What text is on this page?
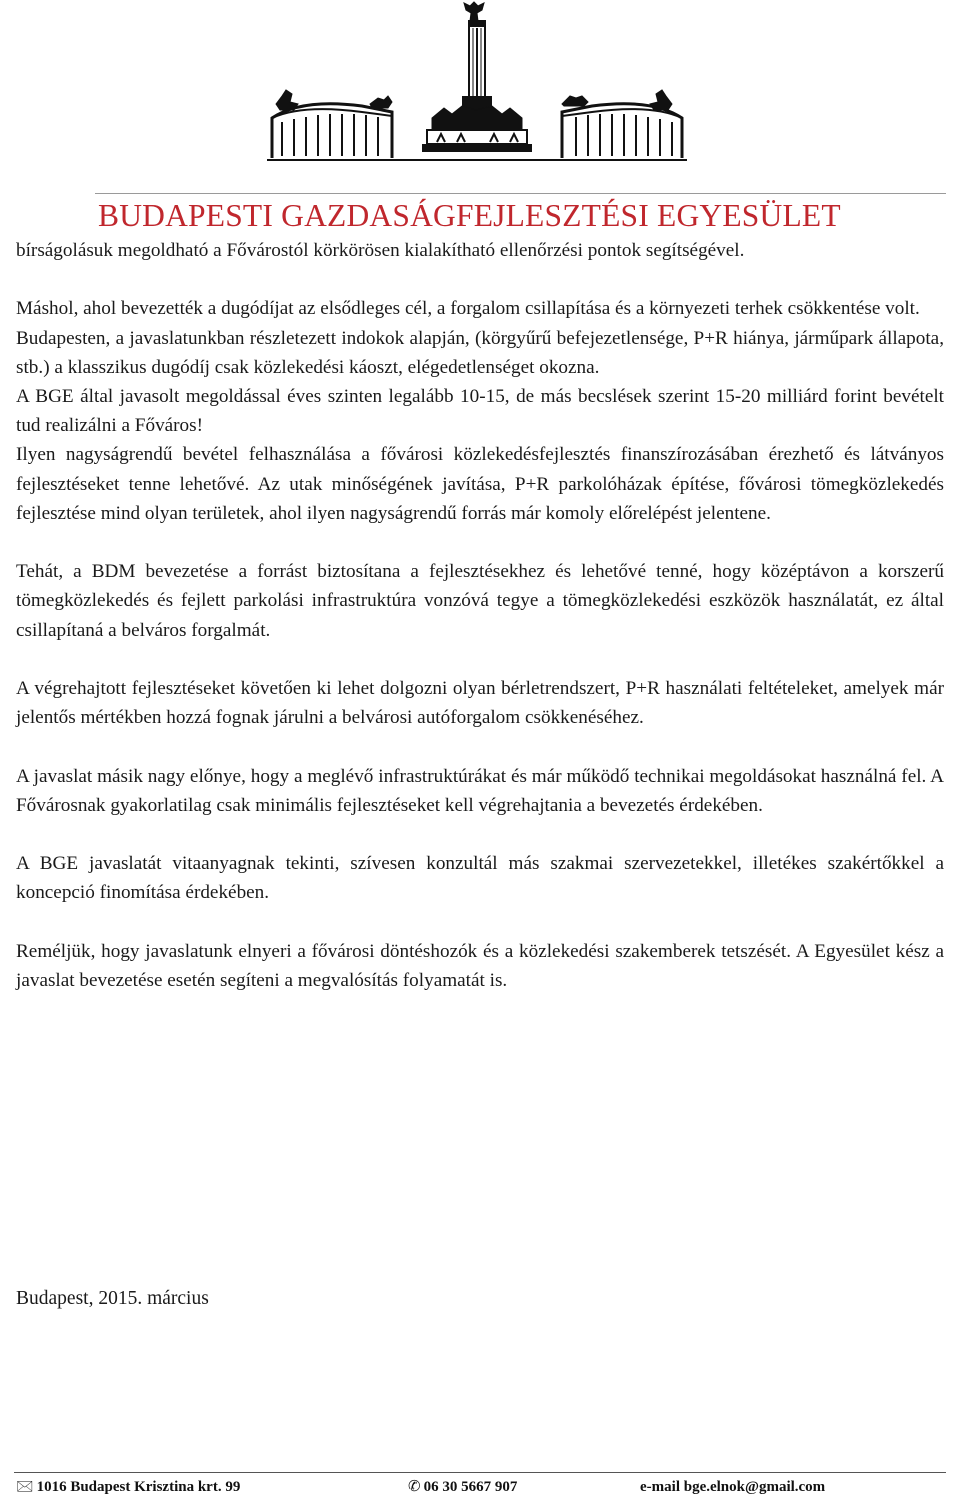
BUDAPESTI GAZDASÁGFEJLESZTÉSI EGYESÜLET

bírságolásuk megoldható a Fővárostól körkörösen kialakítható ellenőrzési pontok segítségével.

Máshol, ahol bevezették a dugódíjat az elsődleges cél, a forgalom csillapítása és a környezeti terhek csökkentése volt.

Budapesten, a javaslatunkban részletezett indokok alapján, (körgyűrű befejezetlensége, P+R hiánya, járműpark állapota, stb.) a klasszikus dugódíj csak közlekedési káoszt, elégedetlenséget okozna.

A BGE által javasolt megoldással éves szinten legalább 10-15, de más becslések szerint 15-20 milliárd forint bevételt tud realizálni a Főváros!

Ilyen nagyságrendű bevétel felhasználása a fővárosi közlekedésfejlesztés finanszírozásában érezhető és látványos fejlesztéseket tenne lehetővé. Az utak minőségének javítása, P+R parkolóházak építése, fővárosi tömegközlekedés fejlesztése mind olyan területek, ahol ilyen nagyságrendű forrás már komoly előrelépést jelentene.

Tehát, a BDM bevezetése a forrást biztosítana a fejlesztésekhez és lehetővé tenné, hogy középtávon a korszerű tömegközlekedés és fejlett parkolási infrastruktúra vonzóvá tegye a tömegközlekedési eszközök használatát, ez által csillapítaná a belváros forgalmát.

A végrehajtott fejlesztéseket követően ki lehet dolgozni olyan bérletrendszert, P+R használati feltételeket, amelyek már jelentős mértékben hozzá fognak járulni a belvárosi autóforgalom csökkenéséhez.

A javaslat másik nagy előnye, hogy a meglévő infrastruktúrákat és már működő technikai megoldásokat használná fel. A Fővárosnak gyakorlatilag csak minimális fejlesztéseket kell végrehajtania a bevezetés érdekében.

A BGE javaslatát vitaanyagnak tekinti, szívesen konzultál más szakmai szervezetekkel, illetékes szakértőkkel a koncepció finomítása érdekében.

Reméljük, hogy javaslatunk elnyeri a fővárosi döntéshozók és a közlekedési szakemberek tetszését. A Egyesület kész a javaslat bevezetése esetén segíteni a megvalósítás folyamatát is.

Budapest, 2015. március

🖂 1016 Budapest Krisztina krt. 99	✆ 06 30 5667 907	e-mail bge.elnok@gmail.com
